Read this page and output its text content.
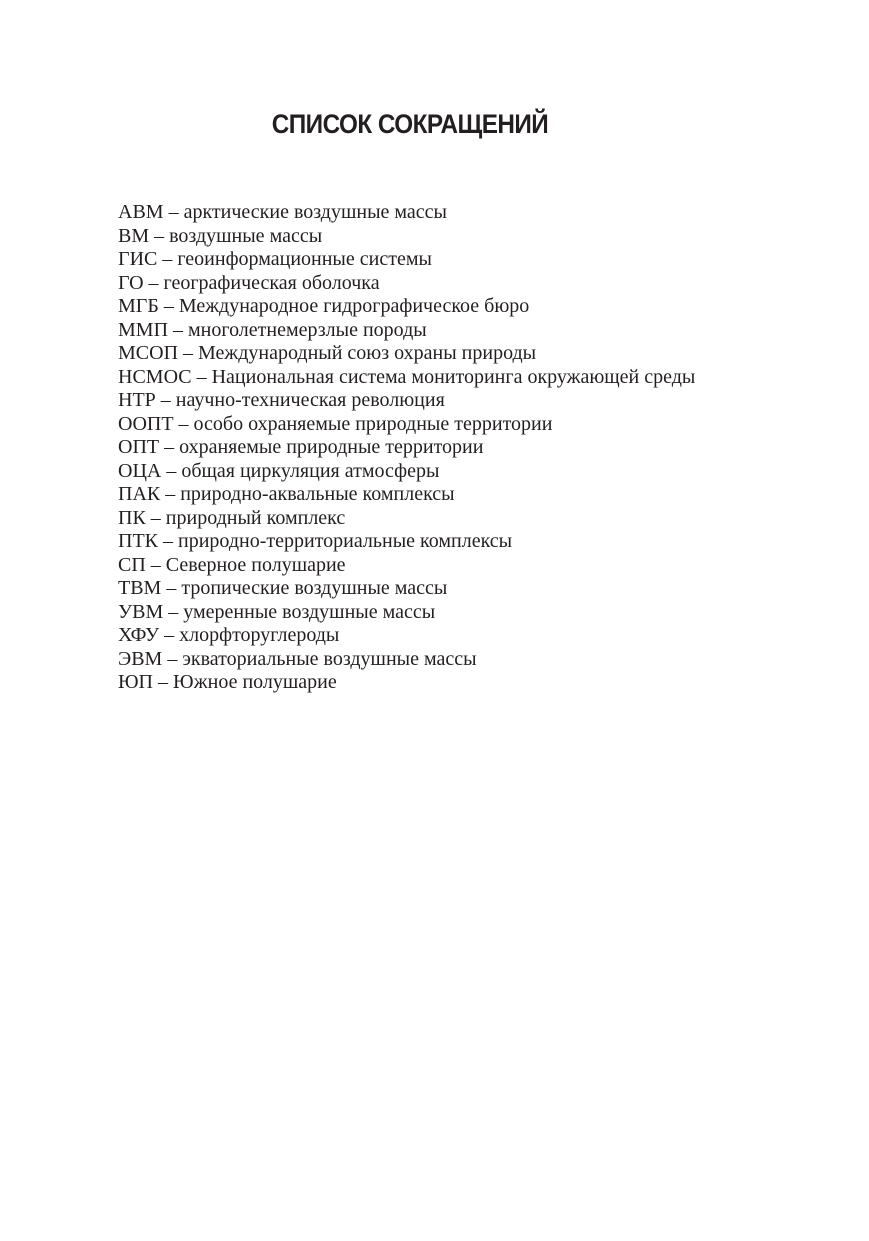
СПИСОК СОКРАЩЕНИЙ
АВМ – арктические воздушные массы
ВМ – воздушные массы
ГИС – геоинформационные системы
ГО – географическая оболочка
МГБ – Международное гидрографическое бюро
ММП – многолетнемерзлые породы
МСОП – Международный союз охраны природы
НСМОС – Национальная система мониторинга окружающей среды
НТР – научно-техническая революция
ООПТ – особо охраняемые природные территории
ОПТ – охраняемые природные территории
ОЦА – общая циркуляция атмосферы
ПАК – природно-аквальные комплексы
ПК – природный комплекс
ПТК – природно-территориальные комплексы
СП – Северное полушарие
ТВМ – тропические воздушные массы
УВМ – умеренные воздушные массы
ХФУ – хлорфторуглероды
ЭВМ – экваториальные воздушные массы
ЮП – Южное полушарие
